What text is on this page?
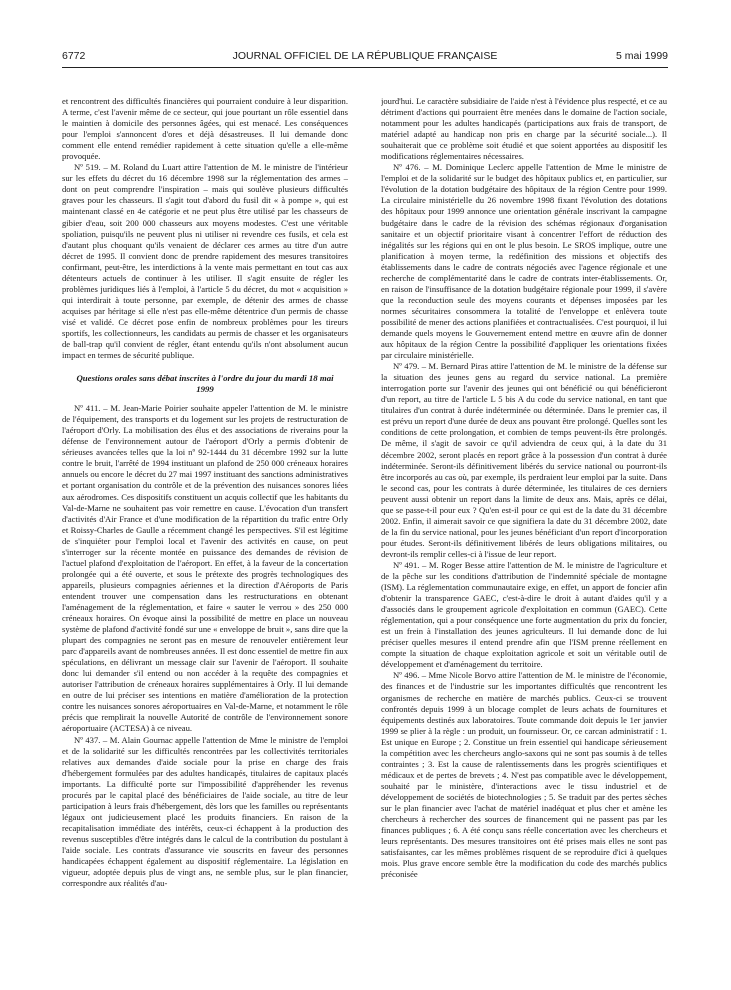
6772	JOURNAL OFFICIEL DE LA RÉPUBLIQUE FRANÇAISE	5 mai 1999

et rencontrent des difficultés financières qui pourraient conduire à leur disparition. A terme, c'est l'avenir même de ce secteur, qui joue pourtant un rôle essentiel dans le maintien à domicile des personnes âgées, qui est menacé. Les conséquences pour l'emploi s'annoncent d'ores et déjà désastreuses. Il lui demande donc comment elle entend remédier rapidement à cette situation qu'elle a elle-même provoquée.

Nº 519. – M. Roland du Luart attire l'attention de M. le ministre de l'intérieur sur les effets du décret du 16 décembre 1998 sur la réglementation des armes – dont on peut comprendre l'inspiration – mais qui soulève plusieurs difficultés graves pour les chasseurs. Il s'agit tout d'abord du fusil dit « à pompe », qui est maintenant classé en 4e catégorie et ne peut plus être utilisé par les chasseurs de gibier d'eau, soit 200 000 chasseurs aux moyens modestes. C'est une véritable spoliation, puisqu'ils ne peuvent plus ni utiliser ni revendre ces fusils, et cela est d'autant plus choquant qu'ils venaient de déclarer ces armes au titre d'un autre décret de 1995. Il convient donc de prendre rapidement des mesures transitoires confirmant, peut-être, les interdictions à la vente mais permettant en tout cas aux détenteurs actuels de continuer à les utiliser. Il s'agit ensuite de régler les problèmes juridiques liés à l'emploi, à l'article 5 du décret, du mot « acquisition » qui interdirait à toute personne, par exemple, de détenir des armes de chasse acquises par héritage si elle n'est pas elle-même détentrice d'un permis de chasse visé et validé. Ce décret pose enfin de nombreux problèmes pour les tireurs sportifs, les collectionneurs, les candidats au permis de chasser et les organisateurs de ball-trap qu'il convient de régler, étant entendu qu'ils n'ont absolument aucun impact en termes de sécurité publique.

Questions orales sans débat inscrites à l'ordre du jour du mardi 18 mai 1999

Nº 411. – M. Jean-Marie Poirier souhaite appeler l'attention de M. le ministre de l'équipement, des transports et du logement sur les projets de restructuration de l'aéroport d'Orly. La mobilisation des élus et des associations de riverains pour la défense de l'environnement autour de l'aéroport d'Orly a permis d'obtenir de sérieuses avancées telles que la loi nº 92-1444 du 31 décembre 1992 sur la lutte contre le bruit, l'arrêté de 1994 instituant un plafond de 250 000 créneaux horaires annuels ou encore le décret du 27 mai 1997 instituant des sanctions administratives et portant organisation du contrôle et de la prévention des nuisances sonores liées aux aérodromes. Ces dispositifs constituent un acquis collectif que les habitants du Val-de-Marne ne souhaitent pas voir remettre en cause. L'évocation d'un transfert d'activités d'Air France et d'une modification de la répartition du trafic entre Orly et Roissy-Charles de Gaulle a récemment changé les perspectives. S'il est légitime de s'inquiéter pour l'emploi local et l'avenir des activités en cause, on peut s'interroger sur la récente montée en puissance des demandes de révision de l'actuel plafond d'exploitation de l'aéroport. En effet, à la faveur de la concertation prolongée qui a été ouverte, et sous le prétexte des progrès technologiques des appareils, plusieurs compagnies aériennes et la direction d'Aéroports de Paris entendent trouver une compensation dans les restructurations en obtenant l'aménagement de la réglementation, et faire « sauter le verrou » des 250 000 créneaux horaires. On évoque ainsi la possibilité de mettre en place un nouveau système de plafond d'activité fondé sur une « enveloppe de bruit », sans dire que la plupart des compagnies ne seront pas en mesure de renouveler entièrement leur parc d'appareils avant de nombreuses années. Il est donc essentiel de mettre fin aux spéculations, en délivrant un message clair sur l'avenir de l'aéroport. Il souhaite donc lui demander s'il entend ou non accéder à la requête des compagnies et autoriser l'attribution de créneaux horaires supplémentaires à Orly. Il lui demande en outre de lui préciser ses intentions en matière d'amélioration de la protection contre les nuisances sonores aéroportuaires en Val-de-Marne, et notamment le rôle précis que remplirait la nouvelle Autorité de contrôle de l'environnement sonore aéroportuaire (ACTESA) à ce niveau.

Nº 437. – M. Alain Gournac appelle l'attention de Mme le ministre de l'emploi et de la solidarité sur les difficultés rencontrées par les collectivités territoriales relatives aux demandes d'aide sociale pour la prise en charge des frais d'hébergement formulées par des adultes handicapés, titulaires de capitaux placés importants. La difficulté porte sur l'impossibilité d'appréhender les revenus procurés par le capital placé des bénéficiaires de l'aide sociale, au titre de leur participation à leurs frais d'hébergement, dès lors que les familles ou représentants légaux ont judicieusement placé les produits financiers. En raison de la recapitalisation immédiate des intérêts, ceux-ci échappent à la production des revenus susceptibles d'être intégrés dans le calcul de la contribution du postulant à l'aide sociale. Les contrats d'assurance vie souscrits en faveur des personnes handicapées échappent également au dispositif réglementaire. La législation en vigueur, adoptée depuis plus de vingt ans, ne semble plus, sur le plan financier, correspondre aux réalités d'au-

jourd'hui. Le caractère subsidiaire de l'aide n'est à l'évidence plus respecté, et ce au détriment d'actions qui pourraient être menées dans le domaine de l'action sociale, notamment pour les adultes handicapés (participations aux frais de transport, de matériel adapté au handicap non pris en charge par la sécurité sociale...). Il souhaiterait que ce problème soit étudié et que soient apportées au dispositif les modifications réglementaires nécessaires.

Nº 476. – M. Dominique Leclerc appelle l'attention de Mme le ministre de l'emploi et de la solidarité sur le budget des hôpitaux publics et, en particulier, sur l'évolution de la dotation budgétaire des hôpitaux de la région Centre pour 1999. La circulaire ministérielle du 26 novembre 1998 fixant l'évolution des dotations des hôpitaux pour 1999 annonce une orientation générale inscrivant la campagne budgétaire dans le cadre de la révision des schémas régionaux d'organisation sanitaire et un objectif prioritaire visant à concentrer l'effort de réduction des inégalités sur les régions qui en ont le plus besoin. Le SROS implique, outre une planification à moyen terme, la redéfinition des missions et objectifs des établissements dans le cadre de contrats négociés avec l'agence régionale et une recherche de complémentarité dans le cadre de contrats inter-établissements. Or, en raison de l'insuffisance de la dotation budgétaire régionale pour 1999, il s'avère que la reconduction seule des moyens courants et dépenses imposées par les normes sécuritaires consommera la totalité de l'enveloppe et enlèvera toute possibilité de mener des actions planifiées et contractualisées. C'est pourquoi, il lui demande quels moyens le Gouvernement entend mettre en œuvre afin de donner aux hôpitaux de la région Centre la possibilité d'appliquer les orientations fixées par circulaire ministérielle.

Nº 479. – M. Bernard Piras attire l'attention de M. le ministre de la défense sur la situation des jeunes gens au regard du service national. La première interrogation porte sur l'avenir des jeunes qui ont bénéficié ou qui bénéficieront d'un report, au titre de l'article L 5 bis A du code du service national, en tant que titulaires d'un contrat à durée indéterminée ou déterminée. Dans le premier cas, il est prévu un report d'une durée de deux ans pouvant être prolongé. Quelles sont les conditions de cette prolongation, et combien de temps peuvent-ils être prolongés. De même, il s'agit de savoir ce qu'il adviendra de ceux qui, à la date du 31 décembre 2002, seront placés en report grâce à la possession d'un contrat à durée indéterminée. Seront-ils définitivement libérés du service national ou pourront-ils être incorporés au cas où, par exemple, ils perdraient leur emploi par la suite. Dans le second cas, pour les contrats à durée déterminée, les titulaires de ces derniers peuvent aussi obtenir un report dans la limite de deux ans. Mais, après ce délai, que se passe-t-il pour eux ? Qu'en est-il pour ce qui est de la date du 31 décembre 2002. Enfin, il aimerait savoir ce que signifiera la date du 31 décembre 2002, date de la fin du service national, pour les jeunes bénéficiant d'un report d'incorporation pour études. Seront-ils définitivement libérés de leurs obligations militaires, ou devront-ils remplir celles-ci à l'issue de leur report.

Nº 491. – M. Roger Besse attire l'attention de M. le ministre de l'agriculture et de la pêche sur les conditions d'attribution de l'indemnité spéciale de montagne (ISM). La réglementation communautaire exige, en effet, un apport de foncier afin d'obtenir la transparence GAEC, c'est-à-dire le droit à autant d'aides qu'il y a d'associés dans le groupement agricole d'exploitation en commun (GAEC). Cette réglementation, qui a pour conséquence une forte augmentation du prix du foncier, est un frein à l'installation des jeunes agriculteurs. Il lui demande donc de lui préciser quelles mesures il entend prendre afin que l'ISM prenne réellement en compte la situation de chaque exploitation agricole et soit un véritable outil de développement et d'aménagement du territoire.

Nº 496. – Mme Nicole Borvo attire l'attention de M. le ministre de l'économie, des finances et de l'industrie sur les importantes difficultés que rencontrent les organismes de recherche en matière de marchés publics. Ceux-ci se trouvent confrontés depuis 1999 à un blocage complet de leurs achats de fournitures et équipements destinés aux laboratoires. Toute commande doit depuis le 1er janvier 1999 se plier à la règle : un produit, un fournisseur. Or, ce carcan administratif : 1. Est unique en Europe ; 2. Constitue un frein essentiel qui handicape sérieusement la compétition avec les chercheurs anglo-saxons qui ne sont pas soumis à de telles contraintes ; 3. Est la cause de ralentissements dans les progrès scientifiques et médicaux et de pertes de brevets ; 4. N'est pas compatible avec le développement, souhaité par le ministère, d'interactions avec le tissu industriel et de développement de sociétés de biotechnologies ; 5. Se traduit par des pertes sèches sur le plan financier avec l'achat de matériel inadéquat et plus cher et amène les chercheurs à rechercher des sources de financement qui ne passent pas par les finances publiques ; 6. A été conçu sans réelle concertation avec les chercheurs et leurs représentants. Des mesures transitoires ont été prises mais elles ne sont pas satisfaisantes, car les mêmes problèmes risquent de se reproduire d'ici à quelques mois. Plus grave encore semble être la modification du code des marchés publics préconisée
